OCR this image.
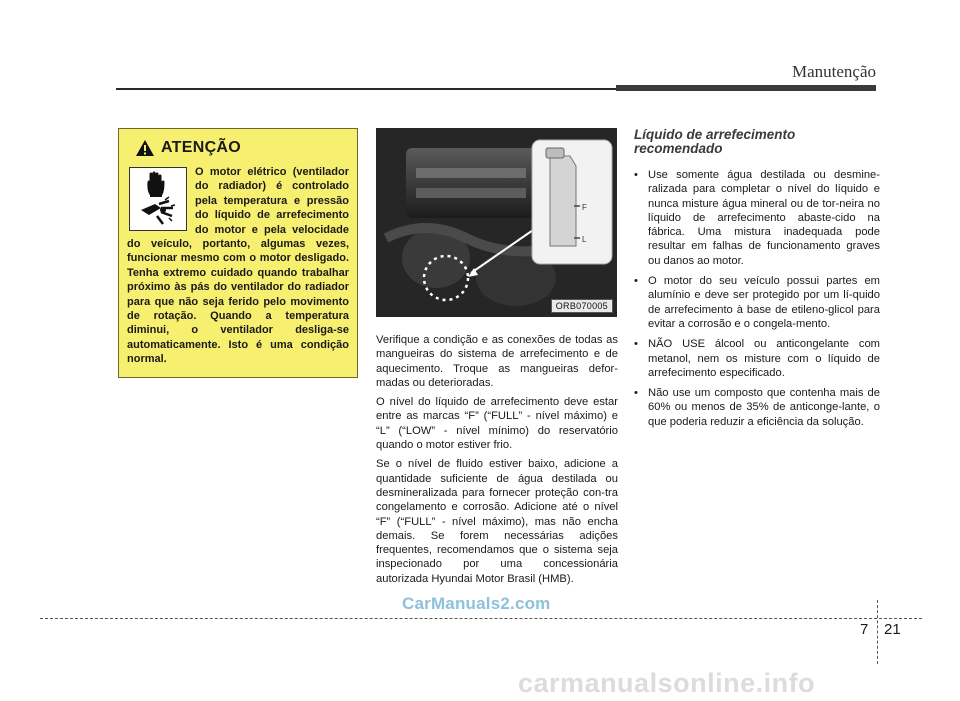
Manutenção
ATENÇÃO

O motor elétrico (ventilador do radiador) é controlado pela temperatura e pressão do líquido de arrefecimento do motor e pela velocidade do veículo, portanto, algumas vezes, funcionar mesmo com o motor desligado. Tenha extremo cuidado quando trabalhar próximo às pás do ventilador do radiador para que não seja ferido pelo movimento de rotação. Quando a temperatura diminui, o ventilador desliga-se automaticamente. Isto é uma condição normal.

F
L
ORB070005

Verifique a condição e as conexões de todas as mangueiras do sistema de arrefecimento e de aquecimento. Troque as mangueiras defor-madas ou deterioradas.

O nível do líquido de arrefecimento deve estar entre as marcas “F” (“FULL” - nível máximo) e “L” (“LOW” - nível mínimo) do reservatório quando o motor estiver frio.

Se o nível de fluido estiver baixo, adicione a quantidade suficiente de água destilada ou desmineralizada para fornecer proteção con-tra congelamento e corrosão. Adicione até o nível “F” (“FULL” - nível máximo), mas não encha demais. Se forem necessárias adições frequentes, recomendamos que o sistema seja inspecionado por uma concessionária autorizada Hyundai Motor Brasil (HMB).

Líquido de arrefecimento recomendado
• Use somente água destilada ou desmine-ralizada para completar o nível do líquido e nunca misture água mineral ou de tor-neira no líquido de arrefecimento abaste-cido na fábrica. Uma mistura inadequada pode resultar em falhas de funcionamento graves ou danos ao motor.
• O motor do seu veículo possui partes em alumínio e deve ser protegido por um lí-quido de arrefecimento à base de etileno-glicol para evitar a corrosão e o congela-mento.
• NÃO USE álcool ou anticongelante com metanol, nem os misture com o líquido de arrefecimento especificado.
• Não use um composto que contenha mais de 60% ou menos de 35% de anticonge-lante, o que poderia reduzir a eficiência da solução.
7 21
CarManuals2.com
carmanualsonline.info
